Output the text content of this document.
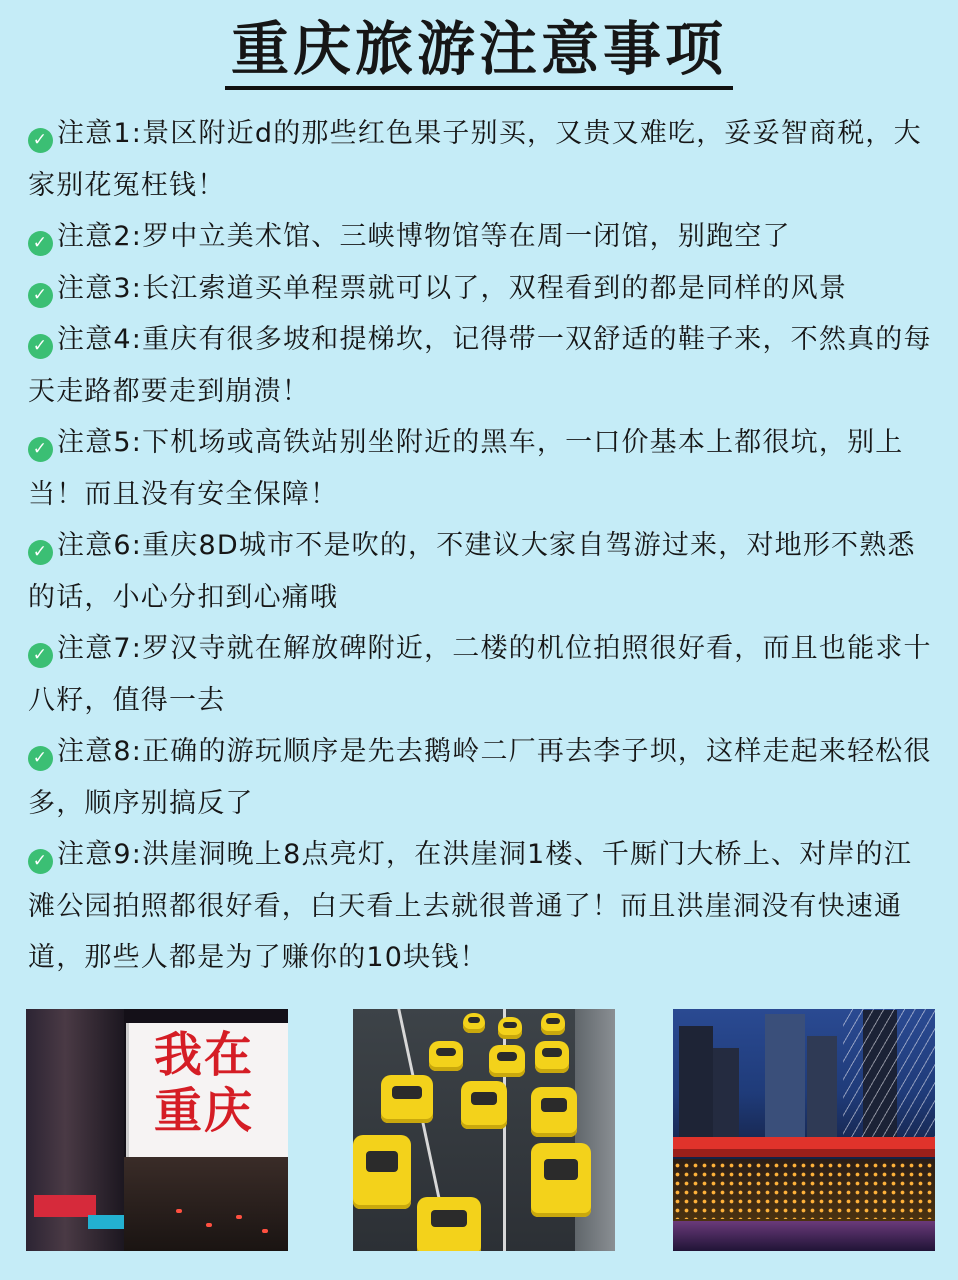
重庆旅游注意事项
✓ 注意1:景区附近d的那些红色果子别买，又贵又难吃，妥妥智商税，大家别花冤枉钱！
✓ 注意2:罗中立美术馆、三峡博物馆等在周一闭馆，别跑空了
✓ 注意3:长江索道买单程票就可以了，双程看到的都是同样的风景
✓ 注意4:重庆有很多坡和提梯坎，记得带一双舒适的鞋子来，不然真的每天走路都要走到崩溃！
✓ 注意5:下机场或高铁站别坐附近的黑车，一口价基本上都很坑，别上当！而且没有安全保障！
✓ 注意6:重庆8D城市不是吹的，不建议大家自驾游过来，对地形不熟悉的话，小心分扣到心痛哦
✓ 注意7:罗汉寺就在解放碑附近，二楼的机位拍照很好看，而且也能求十八籽，值得一去
✓ 注意8:正确的游玩顺序是先去鹅岭二厂再去李子坝，这样走起来轻松很多，顺序别搞反了
✓ 注意9:洪崖洞晚上8点亮灯，在洪崖洞1楼、千厮门大桥上、对岸的江滩公园拍照都很好看，白天看上去就很普通了！而且洪崖洞没有快速通道，那些人都是为了赚你的10块钱！
我在
重庆
